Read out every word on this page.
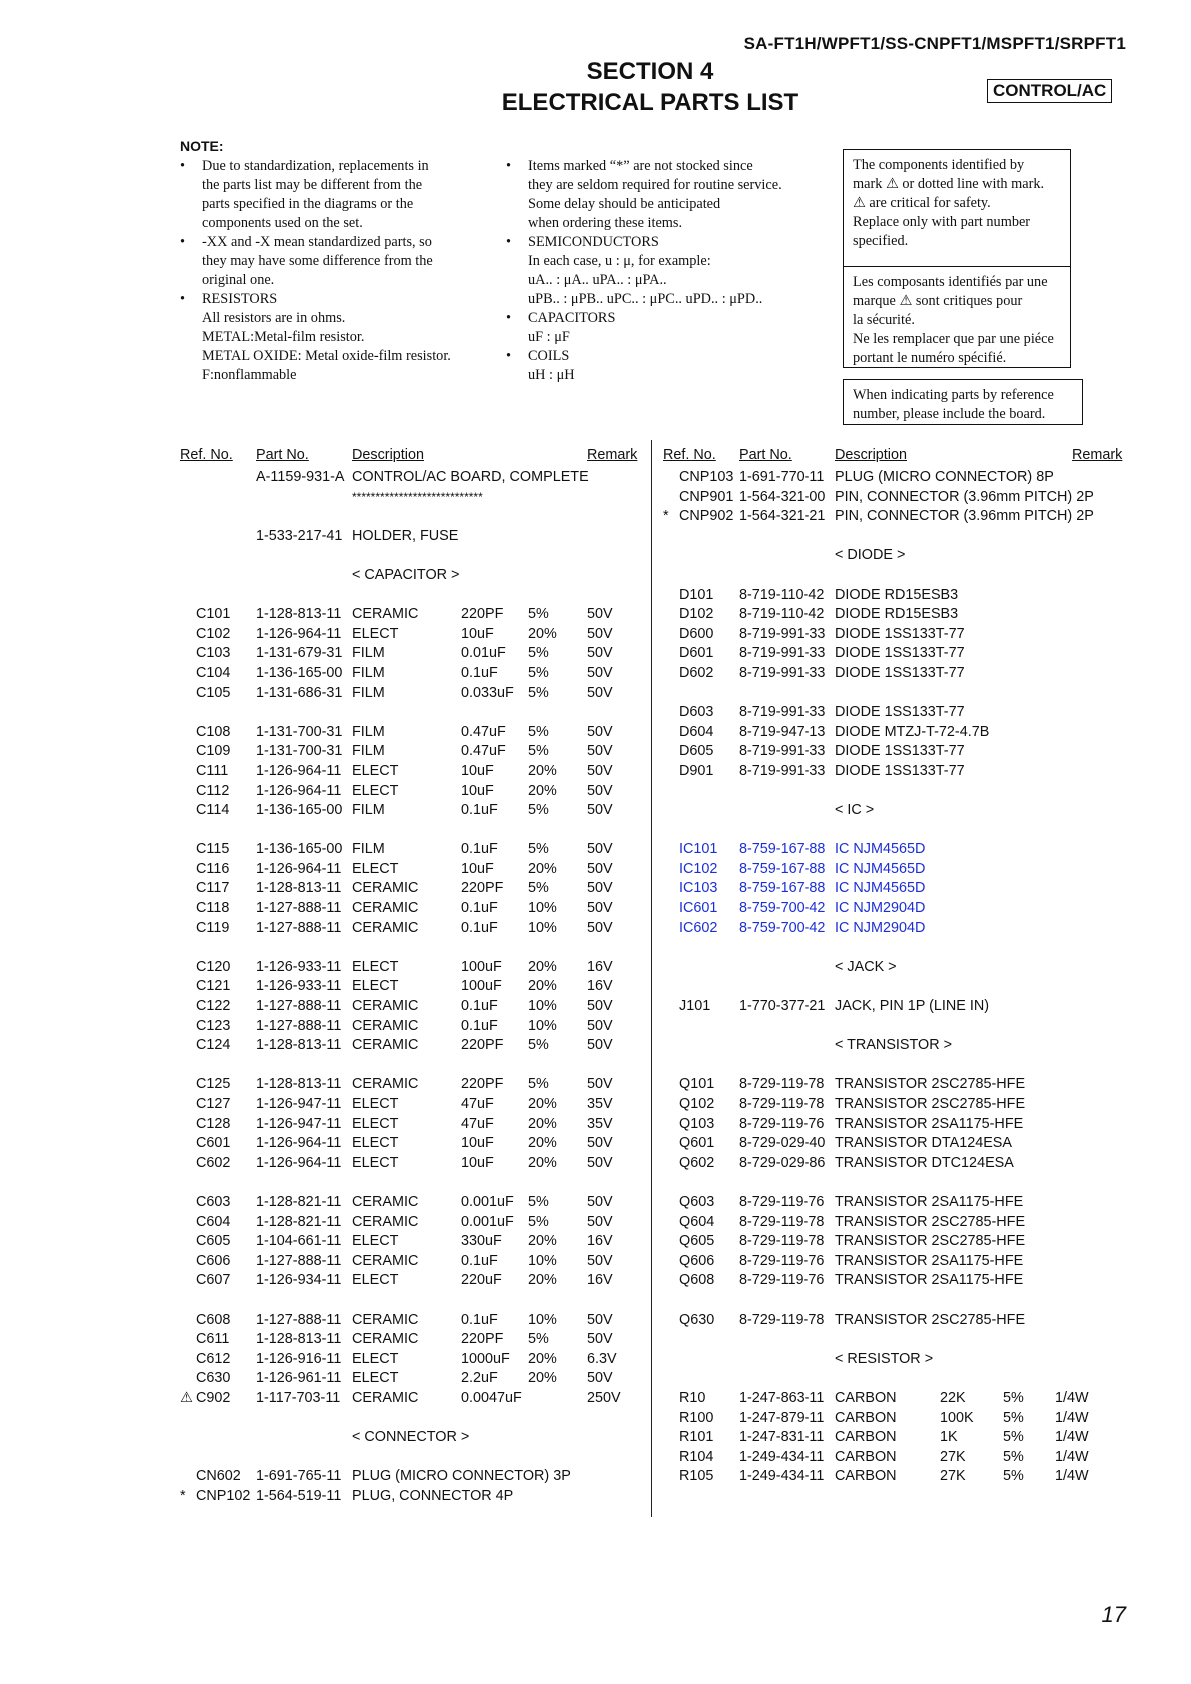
SA-FT1H/WPFT1/SS-CNPFT1/MSPFT1/SRPFT1
SECTION 4
ELECTRICAL PARTS LIST	CONTROL/AC
NOTE:
• Due to standardization, replacements in
the parts list may be different from the
parts specified in the diagrams or the
components used on the set.
• -XX and -X mean standardized parts, so
they may have some difference from the
original one.
• RESISTORS
All resistors are in ohms.
METAL:Metal-film resistor.
METAL OXIDE: Metal oxide-film resistor.
F:nonflammable
• Items marked “*” are not stocked since
they are seldom required for routine service.
Some delay should be anticipated
when ordering these items.
• SEMICONDUCTORS
In each case, u : μ, for example:
uA.. : μA.. uPA.. : μPA..
uPB.. : μPB.. uPC.. : μPC.. uPD.. : μPD..
• CAPACITORS
uF : μF
• COILS
uH : μH
The components identified by
mark ⚠ or dotted line with mark.
⚠ are critical for safety.
Replace only with part number
specified.
Les composants identifiés par une
marque ⚠ sont critiques pour
la sécurité.
Ne les remplacer que par une piéce
portant le numéro spécifié.
When indicating parts by reference
number, please include the board.
Ref. No. Part No.	Description	Remark
A-1159-931-A CONTROL/AC BOARD, COMPLETE
****************************
1-533-217-41 HOLDER, FUSE
< CAPACITOR >
C101 1-128-813-11 CERAMIC	220PF 5%	50V
C102 1-126-964-11 ELECT	10uF 20% 50V
C103 1-131-679-31 FILM	0.01uF 5%	50V
C104 1-136-165-00 FILM	0.1uF 5%	50V
C105 1-131-686-31 FILM	0.033uF 5%	50V
C108 1-131-700-31 FILM	0.47uF 5%	50V
C109 1-131-700-31 FILM	0.47uF 5%	50V
C111 1-126-964-11 ELECT	10uF 20% 50V
C112 1-126-964-11 ELECT	10uF 20% 50V
C114 1-136-165-00 FILM	0.1uF 5%	50V
C115 1-136-165-00 FILM	0.1uF 5%	50V
C116 1-126-964-11 ELECT	10uF 20% 50V
C117 1-128-813-11 CERAMIC	220PF 5%	50V
C118 1-127-888-11 CERAMIC	0.1uF 10% 50V
C119 1-127-888-11 CERAMIC	0.1uF 10% 50V
C120 1-126-933-11 ELECT	100uF 20% 16V
C121 1-126-933-11 ELECT	100uF 20% 16V
C122 1-127-888-11 CERAMIC	0.1uF 10% 50V
C123 1-127-888-11 CERAMIC	0.1uF 10% 50V
C124 1-128-813-11 CERAMIC	220PF 5%	50V
C125 1-128-813-11 CERAMIC	220PF 5%	50V
C127 1-126-947-11 ELECT	47uF 20% 35V
C128 1-126-947-11 ELECT	47uF 20% 35V
C601 1-126-964-11 ELECT	10uF 20% 50V
C602 1-126-964-11 ELECT	10uF 20% 50V
C603 1-128-821-11 CERAMIC	0.001uF 5%	50V
C604 1-128-821-11 CERAMIC	0.001uF 5%	50V
C605 1-104-661-11 ELECT	330uF 20% 16V
C606 1-127-888-11 CERAMIC	0.1uF 10% 50V
C607 1-126-934-11 ELECT	220uF 20% 16V
C608 1-127-888-11 CERAMIC	0.1uF 10% 50V
C611 1-128-813-11 CERAMIC	220PF 5%	50V
C612 1-126-916-11 ELECT	1000uF 20% 6.3V
C630 1-126-961-11 ELECT	2.2uF 20% 50V
⚠ C902 1-117-703-11 CERAMIC	0.0047uF	250V
< CONNECTOR >
CN602 1-691-765-11 PLUG (MICRO CONNECTOR) 3P
* CNP102 1-564-519-11 PLUG, CONNECTOR 4P
Ref. No. Part No.	Description	Remark
CNP103 1-691-770-11 PLUG (MICRO CONNECTOR) 8P
CNP901 1-564-321-00 PIN, CONNECTOR (3.96mm PITCH) 2P
* CNP902 1-564-321-21 PIN, CONNECTOR (3.96mm PITCH) 2P
< DIODE >
D101 8-719-110-42 DIODE RD15ESB3
D102 8-719-110-42 DIODE RD15ESB3
D600 8-719-991-33 DIODE 1SS133T-77
D601 8-719-991-33 DIODE 1SS133T-77
D602 8-719-991-33 DIODE 1SS133T-77
D603 8-719-991-33 DIODE 1SS133T-77
D604 8-719-947-13 DIODE MTZJ-T-72-4.7B
D605 8-719-991-33 DIODE 1SS133T-77
D901 8-719-991-33 DIODE 1SS133T-77
< IC >
IC101 8-759-167-88 IC NJM4565D
IC102 8-759-167-88 IC NJM4565D
IC103 8-759-167-88 IC NJM4565D
IC601 8-759-700-42 IC NJM2904D
IC602 8-759-700-42 IC NJM2904D
< JACK >
J101 1-770-377-21 JACK, PIN 1P (LINE IN)
< TRANSISTOR >
Q101 8-729-119-78 TRANSISTOR 2SC2785-HFE
Q102 8-729-119-78 TRANSISTOR 2SC2785-HFE
Q103 8-729-119-76 TRANSISTOR 2SA1175-HFE
Q601 8-729-029-40 TRANSISTOR DTA124ESA
Q602 8-729-029-86 TRANSISTOR DTC124ESA
Q603 8-729-119-76 TRANSISTOR 2SA1175-HFE
Q604 8-729-119-78 TRANSISTOR 2SC2785-HFE
Q605 8-729-119-78 TRANSISTOR 2SC2785-HFE
Q606 8-729-119-76 TRANSISTOR 2SA1175-HFE
Q608 8-729-119-76 TRANSISTOR 2SA1175-HFE
Q630 8-729-119-78 TRANSISTOR 2SC2785-HFE
< RESISTOR >
R10 1-247-863-11 CARBON	22K	5% 1/4W
R100 1-247-879-11 CARBON	100K 5% 1/4W
R101 1-247-831-11 CARBON	1K	5% 1/4W
R104 1-249-434-11 CARBON	27K	5% 1/4W
R105 1-249-434-11 CARBON	27K	5% 1/4W
17
